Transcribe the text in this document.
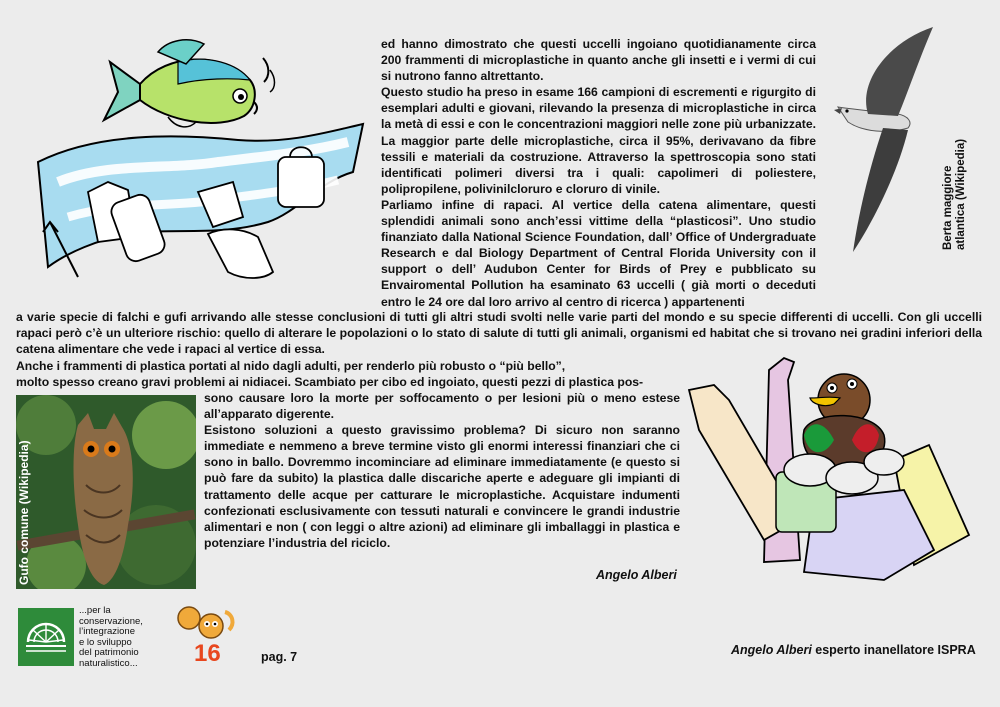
Berta maggiore atlantica (Wikipedia)

ed hanno dimostrato che questi uccelli ingoiano quotidianamente circa 200 frammenti di microplastiche in quanto anche gli insetti e i vermi di cui si nutrono fanno altrettanto.

Questo studio ha preso in esame 166 campioni di escrementi e rigurgito di esemplari adulti e giovani, rilevando la presenza di microplastiche in circa la metà di essi e con le concentrazioni maggiori nelle zone più urbanizzate. La maggior parte delle microplastiche, circa il 95%, derivavano da fibre tessili e materiali da costruzione. Attraverso la spettroscopia sono stati identificati polimeri diversi tra i quali: capolimeri di poliestere, polipropilene, polivinilcloruro e cloruro di vinile.

Parliamo infine di rapaci. Al vertice della catena alimentare, questi splendidi animali sono anch’essi vittime della “plasticosi”. Uno studio finanziato dalla National Science Foundation, dall’ Office of Undergraduate Research e dal Biology Department of Central Florida University con il support o dell’ Audubon Center for Birds of Prey e pubblicato su Envairomental Pollution ha esaminato 63 uccelli ( già morti o deceduti entro le 24 ore dal loro arrivo al centro di ricerca ) appartenenti

a varie specie di falchi e gufi arrivando alle stesse conclusioni di tutti gli altri studi svolti nelle varie parti del mondo e su specie differenti di uccelli. Con gli uccelli rapaci però c’è un ulteriore rischio: quello di alterare le popolazioni o lo stato di salute di tutti gli animali, organismi ed habitat che si trovano nei gradini inferiori della catena alimentare che vede i rapaci al vertice di essa.

Anche i frammenti di plastica portati al nido dagli adulti, per renderlo più robusto o “più bello”,

molto spesso creano gravi problemi ai nidiacei. Scambiato per cibo ed ingoiato, questi pezzi di plastica pos-

Gufo comune (Wikipedia)

sono causare loro la morte per soffocamento o per lesioni più o meno estese all’apparato digerente.

Esistono soluzioni a questo gravissimo problema? Di sicuro non saranno immediate e nemmeno a breve termine visto gli enormi interessi finanziari che ci sono in ballo. Dovremmo incominciare ad eliminare immediatamente (e questo si può fare da subito) la plastica dalle discariche aperte e adeguare gli impianti di trattamento delle acque per catturare le microplastiche. Acquistare indumenti confezionati esclusivamente con tessuti naturali e convincere le grandi industrie alimentari e non ( con leggi o altre azioni) ad eliminare gli imballaggi in plastica e potenziare l’industria del riciclo.

Angelo Alberi
...per la
conservazione,
l’integrazione
e lo sviluppo
del patrimonio
naturalistico... 16	pag. 7	Angelo Alberi esperto inanellatore ISPRA
